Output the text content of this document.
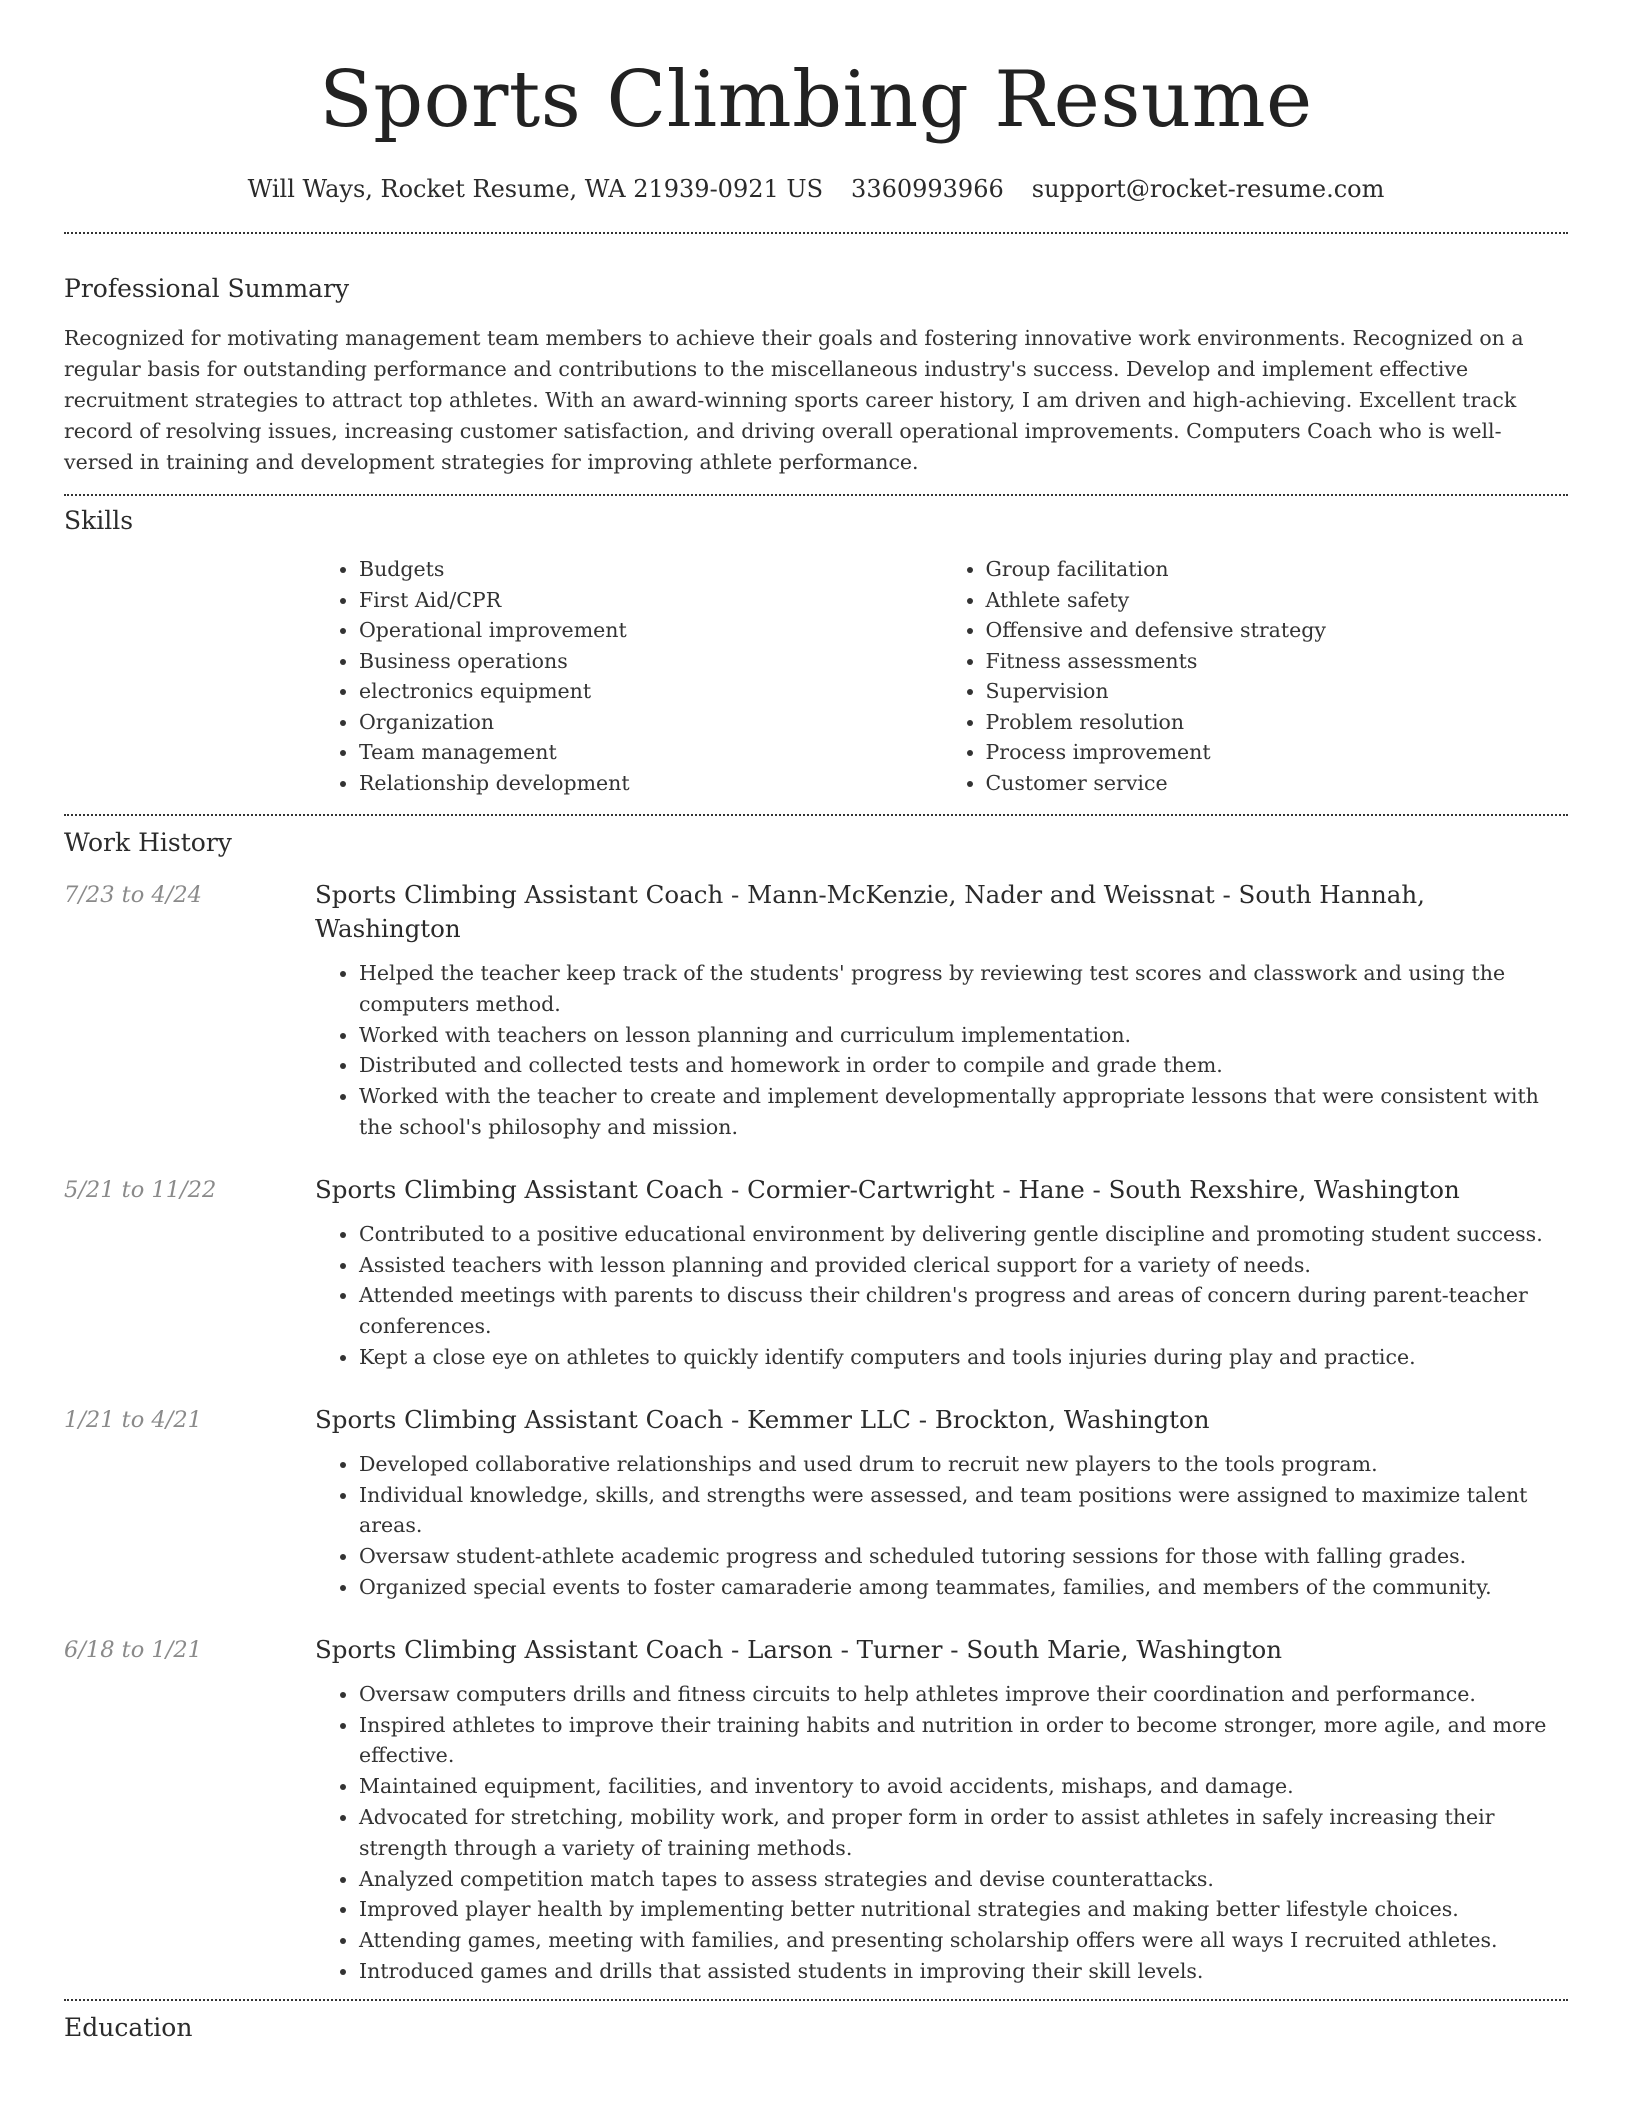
Sports Climbing Resume
Will Ways, Rocket Resume, WA 21939-0921 US 3360993966 support@rocket-resume.com
Professional Summary

Recognized for motivating management team members to achieve their goals and fostering innovative work environments. Recognized on a regular basis for outstanding performance and contributions to the miscellaneous industry's success. Develop and implement effective recruitment strategies to attract top athletes. With an award-winning sports career history, I am driven and high-achieving. Excellent track record of resolving issues, increasing customer satisfaction, and driving overall operational improvements. Computers Coach who is well-versed in training and development strategies for improving athlete performance.

Skills
• Budgets
• First Aid/CPR
• Operational improvement
• Business operations
• electronics equipment
• Organization
• Team management
• Relationship development
• Group facilitation
• Athlete safety
• Offensive and defensive strategy
• Fitness assessments
• Supervision
• Problem resolution
• Process improvement
• Customer service
Work History
7/23 to 4/24	Sports Climbing Assistant Coach - Mann-McKenzie, Nader and Weissnat - South Hannah, Washington
• Helped the teacher keep track of the students' progress by reviewing test scores and classwork and using the computers method.
• Worked with teachers on lesson planning and curriculum implementation.
• Distributed and collected tests and homework in order to compile and grade them.
• Worked with the teacher to create and implement developmentally appropriate lessons that were consistent with the school's philosophy and mission.
5/21 to 11/22	Sports Climbing Assistant Coach - Cormier-Cartwright - Hane - South Rexshire, Washington
• Contributed to a positive educational environment by delivering gentle discipline and promoting student success.
• Assisted teachers with lesson planning and provided clerical support for a variety of needs.
• Attended meetings with parents to discuss their children's progress and areas of concern during parent-teacher conferences.
• Kept a close eye on athletes to quickly identify computers and tools injuries during play and practice.
1/21 to 4/21	Sports Climbing Assistant Coach - Kemmer LLC - Brockton, Washington
• Developed collaborative relationships and used drum to recruit new players to the tools program.
• Individual knowledge, skills, and strengths were assessed, and team positions were assigned to maximize talent areas.
• Oversaw student-athlete academic progress and scheduled tutoring sessions for those with falling grades.
• Organized special events to foster camaraderie among teammates, families, and members of the community.
6/18 to 1/21	Sports Climbing Assistant Coach - Larson - Turner - South Marie, Washington
• Oversaw computers drills and fitness circuits to help athletes improve their coordination and performance.
• Inspired athletes to improve their training habits and nutrition in order to become stronger, more agile, and more effective.
• Maintained equipment, facilities, and inventory to avoid accidents, mishaps, and damage.
• Advocated for stretching, mobility work, and proper form in order to assist athletes in safely increasing their strength through a variety of training methods.
• Analyzed competition match tapes to assess strategies and devise counterattacks.
• Improved player health by implementing better nutritional strategies and making better lifestyle choices.
• Attending games, meeting with families, and presenting scholarship offers were all ways I recruited athletes.
• Introduced games and drills that assisted students in improving their skill levels.
Education
